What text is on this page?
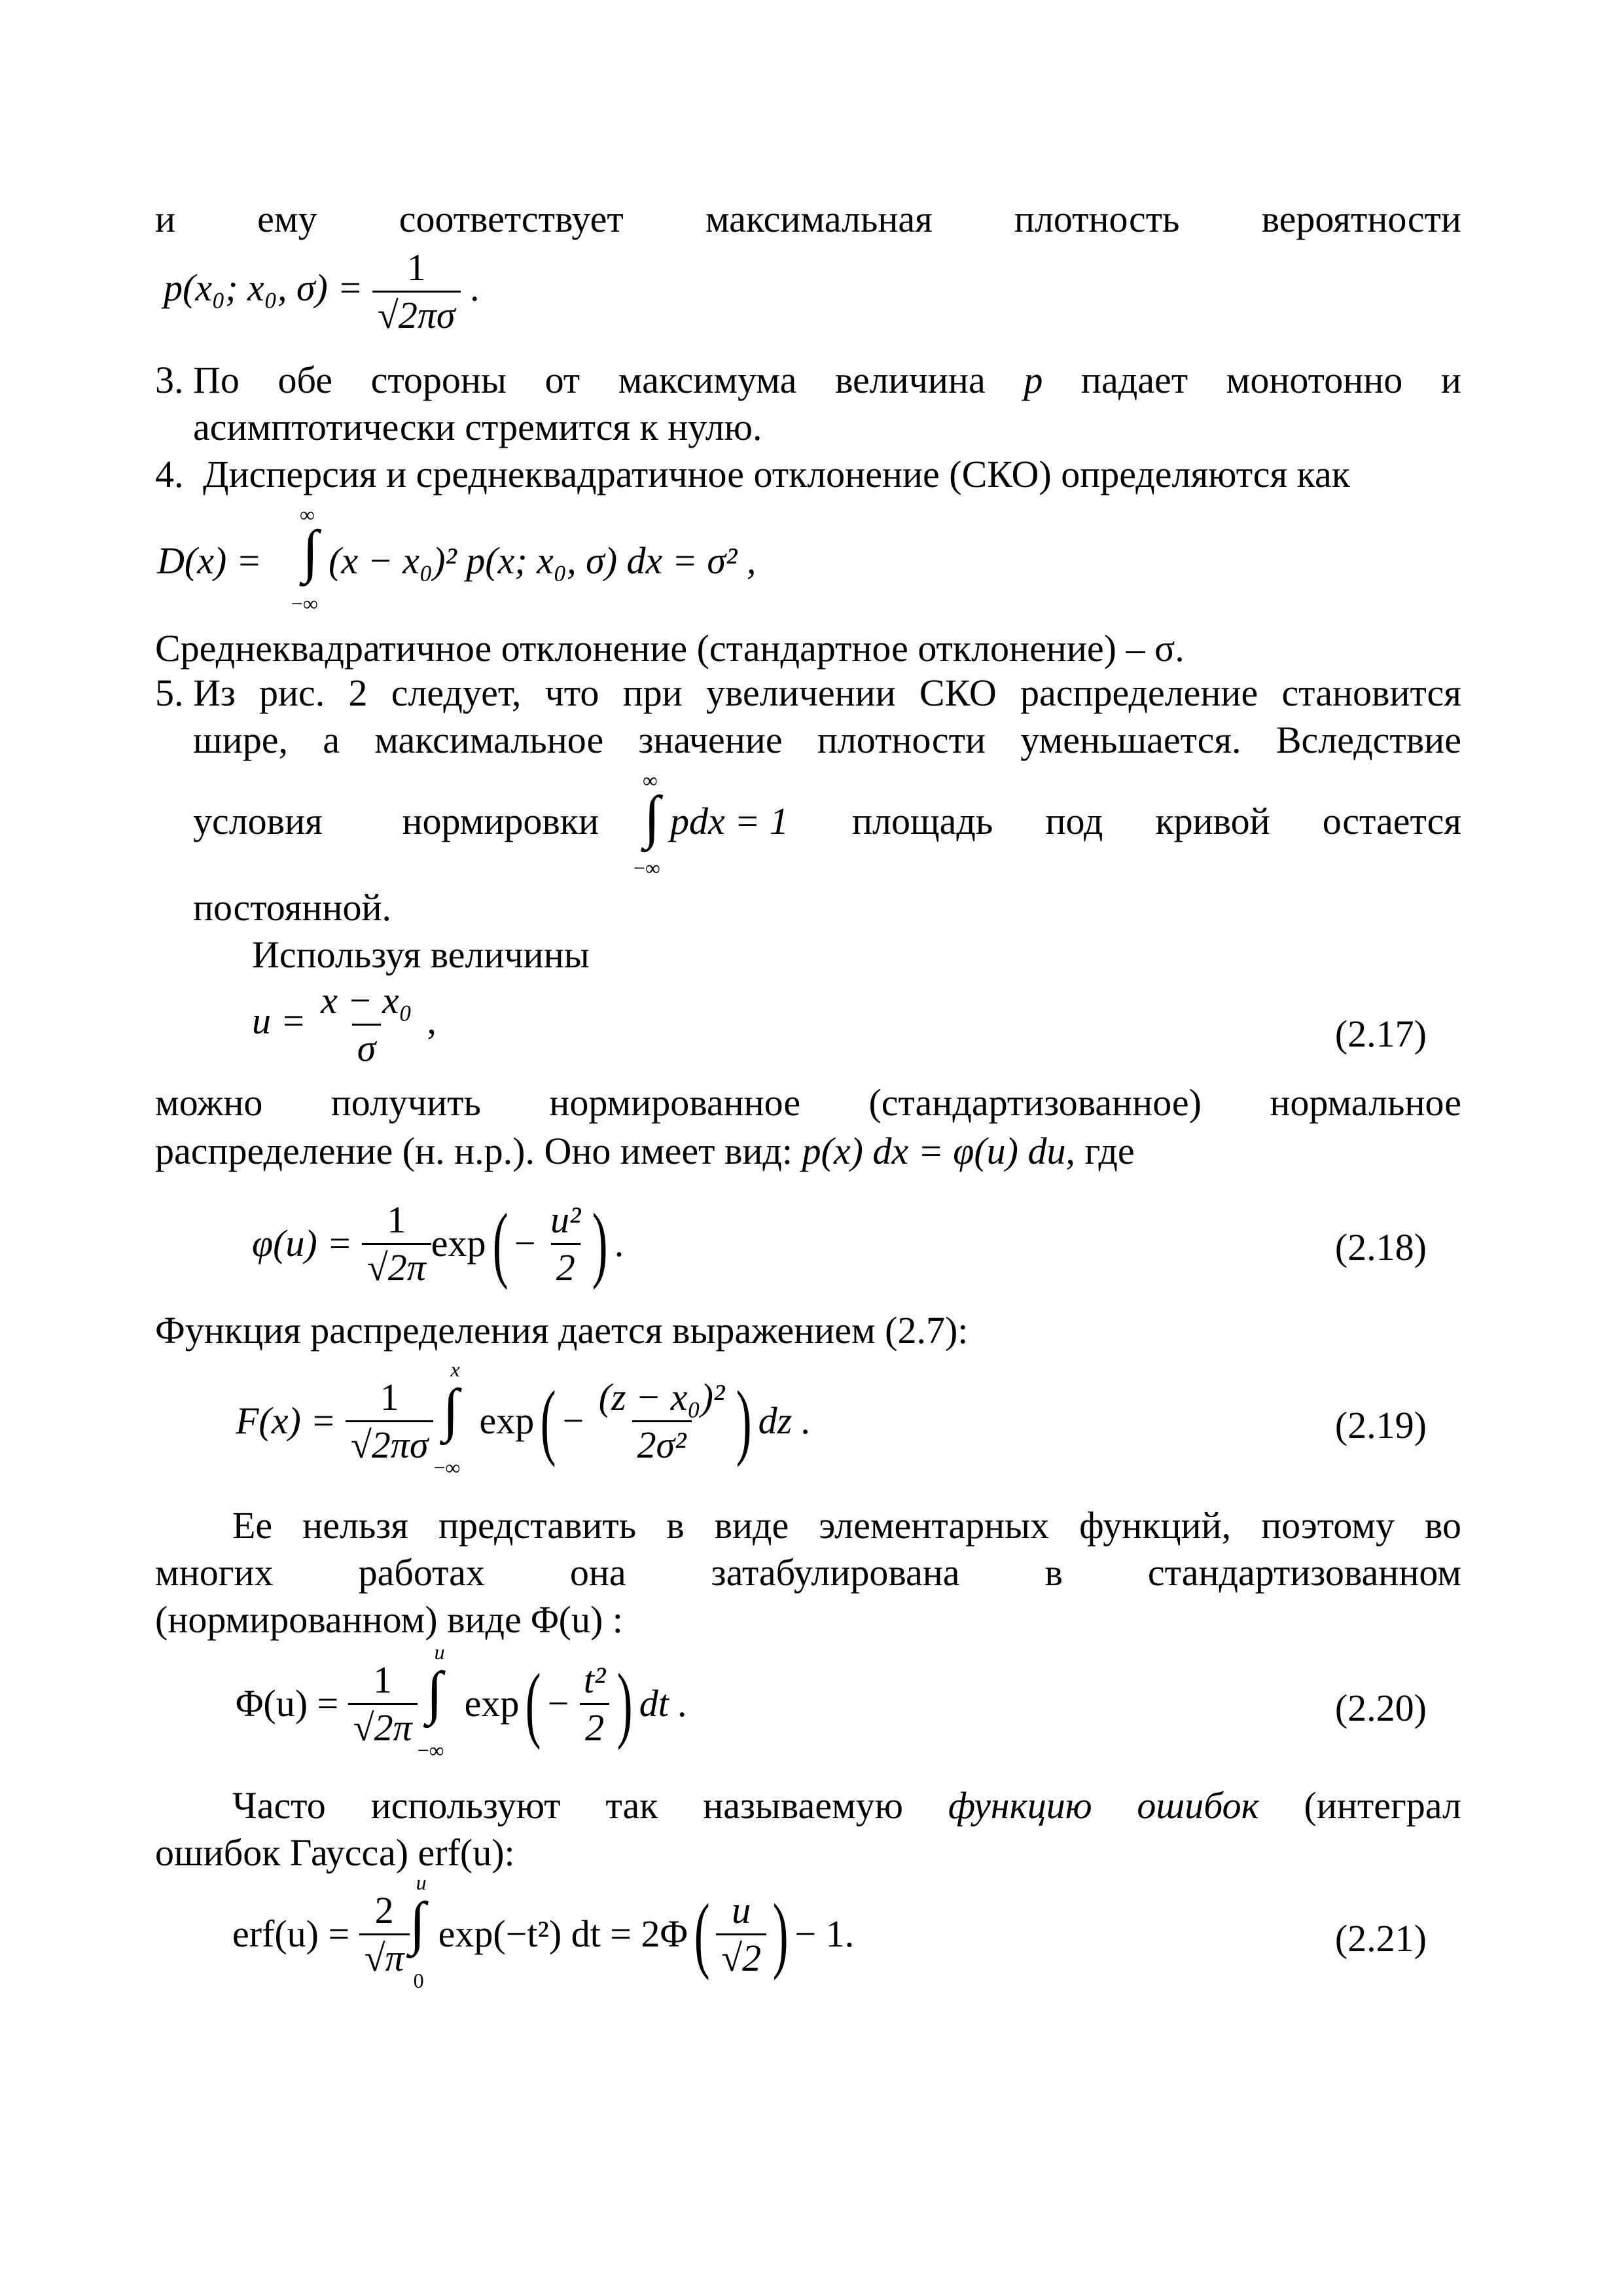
и ему соответствует максимальная плотность вероятности
p(x₀; x₀, $\sigma) = \frac{1}{√2\pi\sigma}$ .
3. По обе стороны от максимума величина p падает монотонно и
асимптотически стремится к нулю.
4. Дисперсия и среднеквадратичное отклонение (СКО) определяются как
D(x) =
∞
∫
−∞
(x − x₀)² p(x; x₀, σ) dx = σ² ,
Среднеквадратичное отклонение (стандартное отклонение) – σ.
5. Из рис. 2 следует, что при увеличении СКО распределение становится
шире, а максимальное значение плотности уменьшается. Вследствие
условия нормировки
∞
∫
−∞
pdx = 1 площадь под кривой остается
постоянной.
Используя величины
$u = \frac{\text{x − x₀}}{\sigma}$ ,	(2.17)
можно получить нормированное (стандартизованное) нормальное
распределение (н. н.р.). Оно имеет вид: p(x) dx = φ(u) du, где
φ(u) =
$\frac{1}{√2\pi}$ exp ( −
$\frac{\text{u²}}{2}$ ) .	(2.18)
Функция распределения дается выражением (2.7):
F(x) =
$\frac{1}{√2\pi\sigma}$
x
∫
−∞
exp ( −
$\frac{\text{(z − x₀)²}}{\text{2σ²}}$ ) dz .	(2.19)
Ее нельзя представить в виде элементарных функций, поэтому во
многих работах она затабулирована в стандартизованном
(нормированном) виде Φ(u) :
Φ(u) =
$\frac{1}{√2\pi}$
u
∫
−∞
exp ( −
$\frac{\text{t²}}{2}$ ) dt .	(2.20)
Часто используют так называемую функцию ошибок (интеграл
ошибок Гаусса) erf(u):
erf(u) =
$\frac{2}{√\pi}$
u
∫
0
exp(−t²) dt = 2Φ ( $\frac{u}{√2}$ ) − 1.	(2.21)
